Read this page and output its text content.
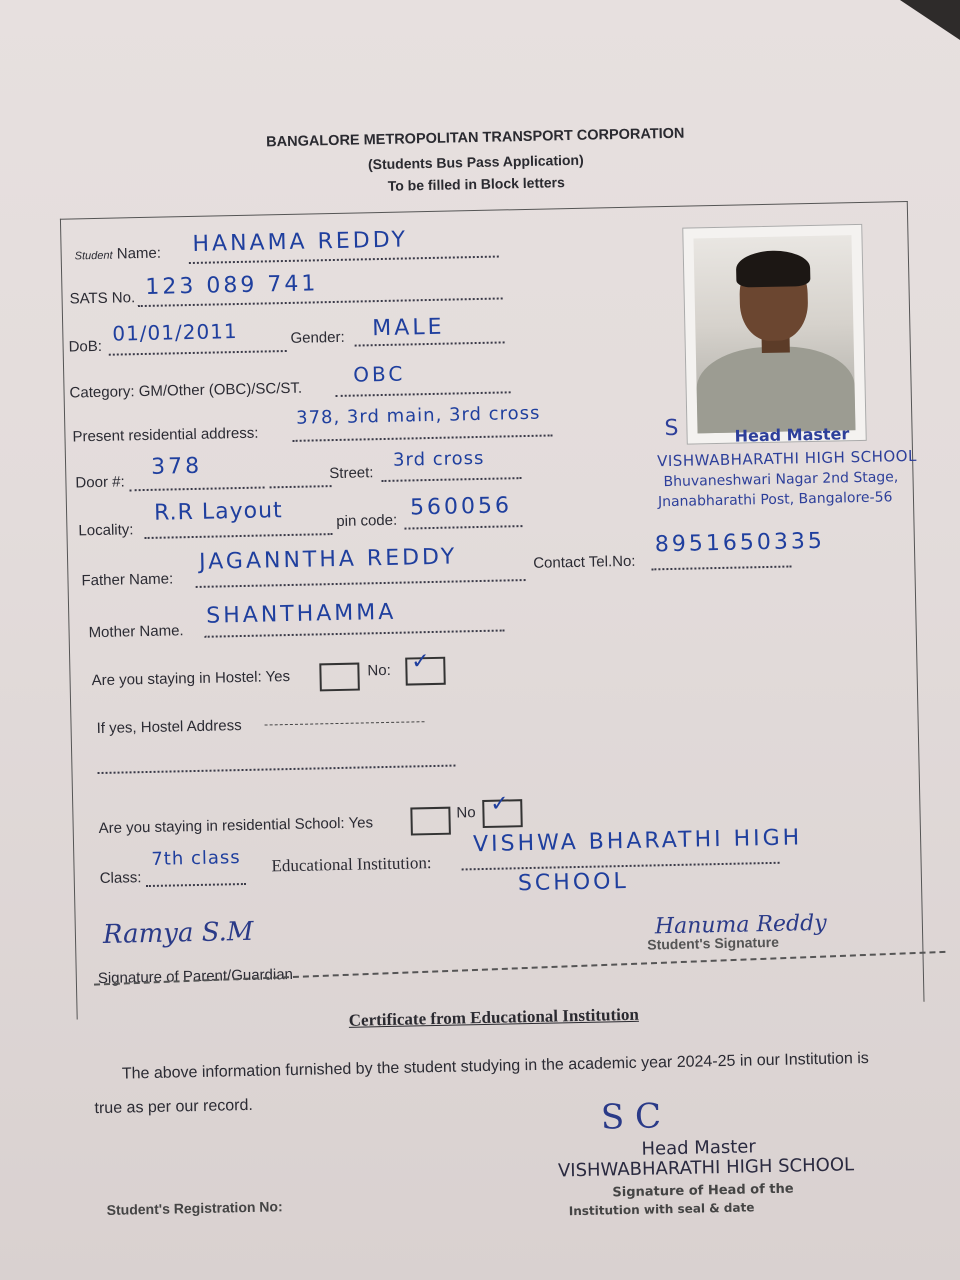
BANGALORE METROPOLITAN TRANSPORT CORPORATION
(Students Bus Pass Application)
To be filled in Block letters
S	Head Master
VISHWABHARATHI HIGH SCHOOL
Bhuvaneshwari Nagar 2nd Stage,
Jnanabharathi Post, Bangalore-56
Student Name: HANAMA REDDY
SATS No. 123 089 741
DoB:
01/01/2011	Gender: MALE
Category: GM/Other (OBC)/SC/ST.
OBC
Present residential address:
378, 3rd main, 3rd cross
Door #:
378	Street:
3rd cross
Locality:
R.R Layout	pin code:
560056
Father Name:
JAGANNTHA REDDY	Contact Tel.No:
8951650335
Mother Name.
SHANTHAMMA
Are you staying in Hostel: Yes	No: ✓
If yes, Hostel Address
Are you staying in residential School: Yes
No ✓
Class:
7th class Educational Institution:
VISHWA BHARATHI HIGH
SCHOOL
Ramya S.M
Signature of Parent/Guardian
Hanuma Reddy
Student's Signature
Certificate from Educational Institution
The above information furnished by the student studying in the academic year 2024-25 in our Institution is
true as per our record.	S C
Head Master
VISHWABHARATHI HIGH SCHOOL
Signature of Head of the
Institution with seal & date
Student's Registration No:
